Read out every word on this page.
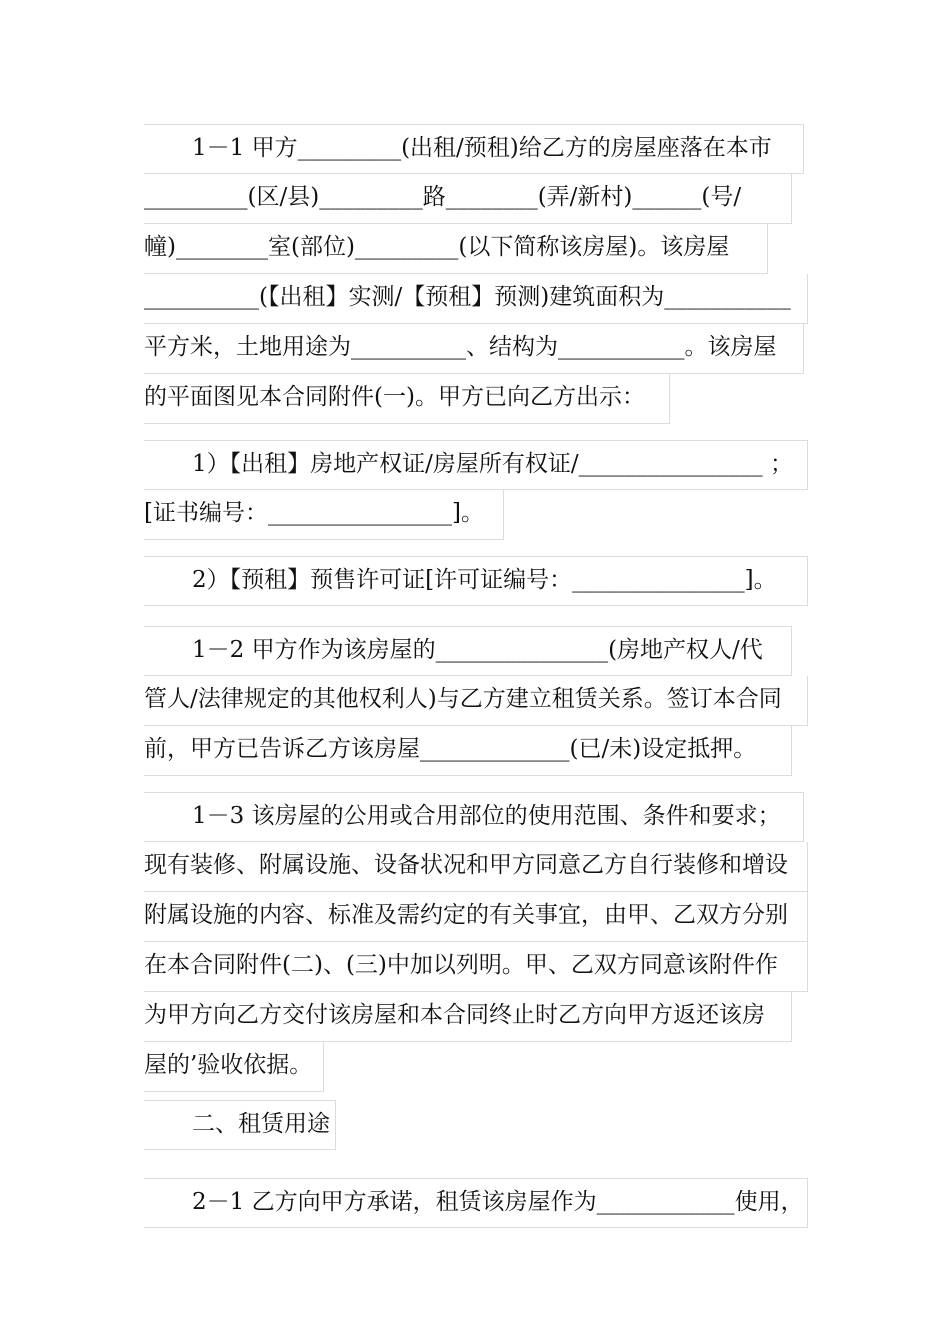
1－1 甲方_________(出租/预租)给乙方的房屋座落在本市
_________(区/县)_________路________(弄/新村)______(号/
幢)________室(部位)_________(以下简称该房屋)。该房屋
__________(【出租】实测/【预租】预测)建筑面积为___________
平方米，土地用途为__________、结构为___________。该房屋
的平面图见本合同附件(一)。甲方已向乙方出示：
1）【出租】房地产权证/房屋所有权证/________________ ；
[证书编号：________________]。
2）【预租】预售许可证[许可证编号：_______________]。
1－2 甲方作为该房屋的_______________(房地产权人/代
管人/法律规定的其他权利人)与乙方建立租赁关系。签订本合同
前，甲方已告诉乙方该房屋_____________(已/未)设定抵押。
1－3 该房屋的公用或合用部位的使用范围、条件和要求；
现有装修、附属设施、设备状况和甲方同意乙方自行装修和增设
附属设施的内容、标准及需约定的有关事宜，由甲、乙双方分别
在本合同附件(二)、(三)中加以列明。甲、乙双方同意该附件作
为甲方向乙方交付该房屋和本合同终止时乙方向甲方返还该房
屋的’验收依据。
二、租赁用途
2－1 乙方向甲方承诺，租赁该房屋作为____________使用，
